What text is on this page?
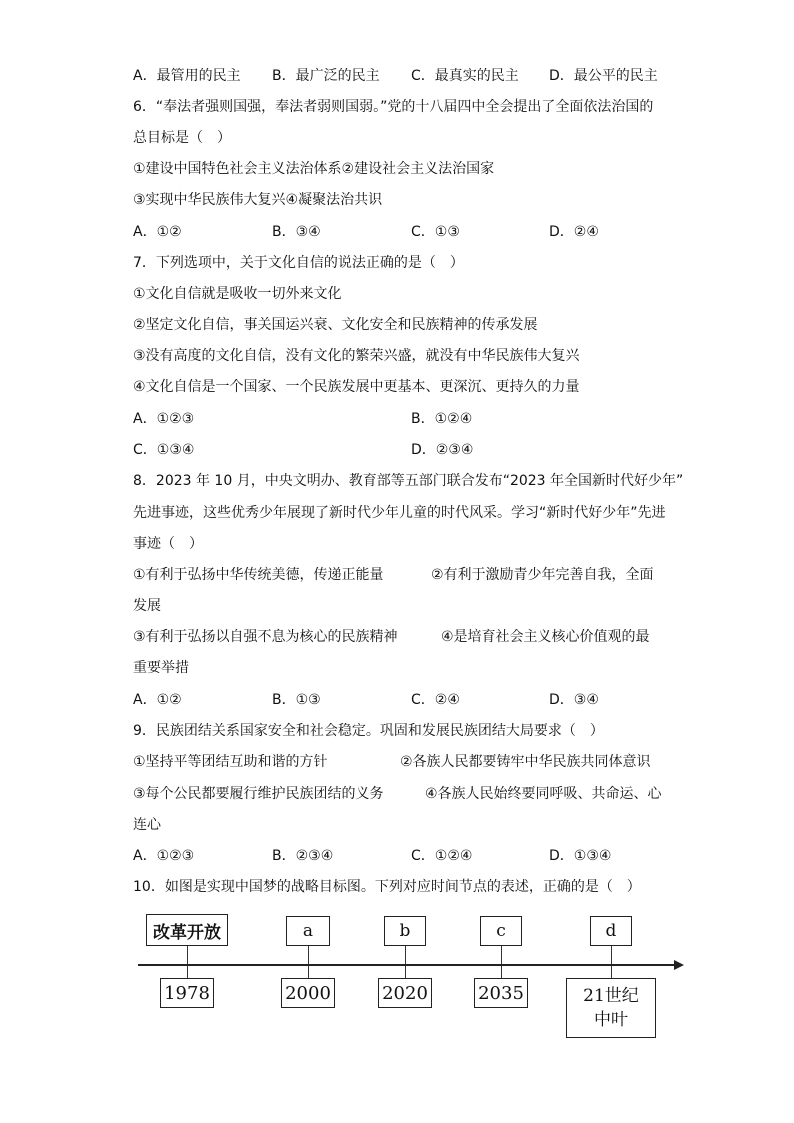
A．最管用的民主 B．最广泛的民主 C．最真实的民主 D．最公平的民主
6．“奉法者强则国强，奉法者弱则国弱。”党的十八届四中全会提出了全面依法治国的
总目标是（　）
①建设中国特色社会主义法治体系②建设社会主义法治国家
③实现中华民族伟大复兴④凝聚法治共识
A．①②	B．③④	C．①③	D．②④
7．下列选项中，关于文化自信的说法正确的是（　）
①文化自信就是吸收一切外来文化
②坚定文化自信，事关国运兴衰、文化安全和民族精神的传承发展
③没有高度的文化自信，没有文化的繁荣兴盛，就没有中华民族伟大复兴
④文化自信是一个国家、一个民族发展中更基本、更深沉、更持久的力量
A．①②③	B．①②④
C．①③④	D．②③④
8．2023 年 10 月，中央文明办、教育部等五部门联合发布“2023 年全国新时代好少年”
先进事迹，这些优秀少年展现了新时代少年儿童的时代风采。学习“新时代好少年”先进
事迹（　）
①有利于弘扬中华传统美德，传递正能量	②有利于激励青少年完善自我，全面
发展
③有利于弘扬以自强不息为核心的民族精神	④是培育社会主义核心价值观的最
重要举措
A．①②	B．①③	C．②④	D．③④
9．民族团结关系国家安全和社会稳定。巩固和发展民族团结大局要求（　）
①坚持平等团结互助和谐的方针	②各族人民都要铸牢中华民族共同体意识
③每个公民都要履行维护民族团结的义务	④各族人民始终要同呼吸、共命运、心
连心
A．①②③	B．②③④	C．①②④	D．①③④
10．如图是实现中国梦的战略目标图。下列对应时间节点的表述，正确的是（　）
改革开放	a	b	c	d
1978	2000	2020	2035	21世纪
中叶
